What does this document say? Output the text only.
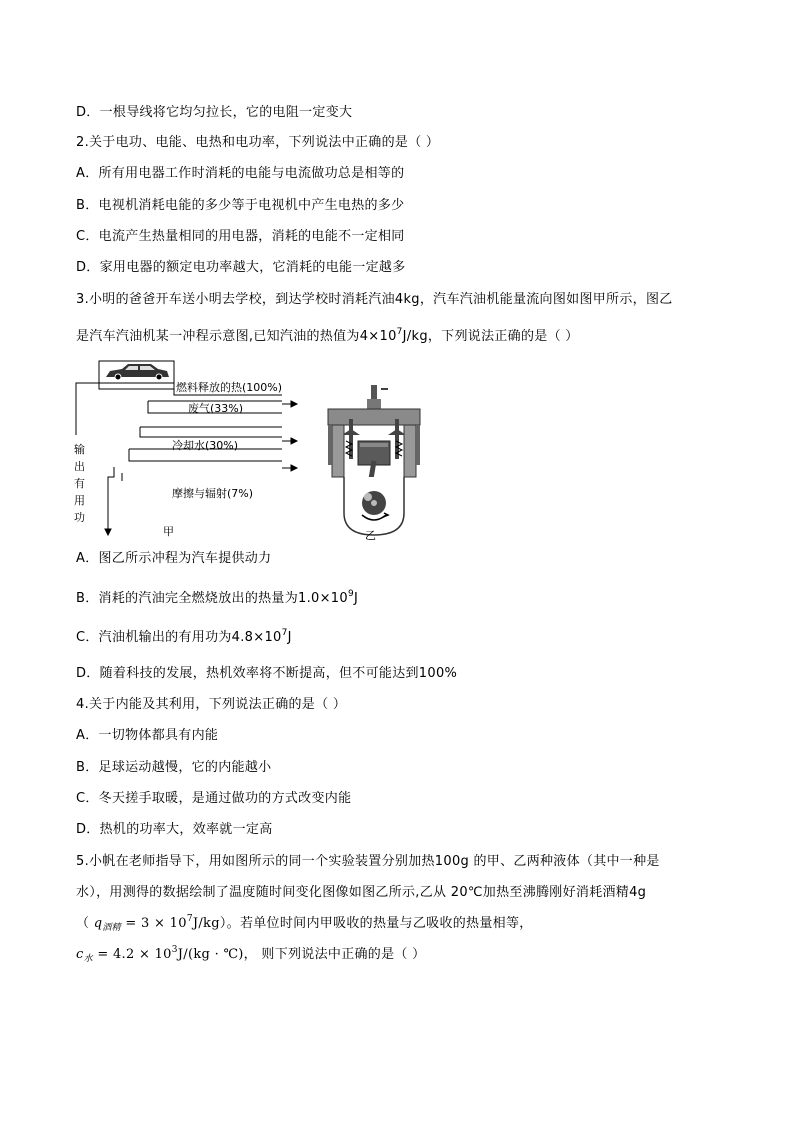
D．一根导线将它均匀拉长，它的电阻一定变大
2.关于电功、电能、电热和电功率，下列说法中正确的是（ ）
A．所有用电器工作时消耗的电能与电流做功总是相等的
B．电视机消耗电能的多少等于电视机中产生电热的多少
C．电流产生热量相同的用电器，消耗的电能不一定相同
D．家用电器的额定电功率越大，它消耗的电能一定越多
3.小明的爸爸开车送小明去学校，到达学校时消耗汽油4kg，汽车汽油机能量流向图如图甲所示，图乙
是汽车汽油机某一冲程示意图,已知汽油的热值为$4\times 10^7J/kg$，下列说法正确的是（ ）
燃料释放的热(100%)
废气(33%)
冷却水(30%)
摩擦与辐射(7%)
输
出
有
用
功
甲	乙
A．图乙所示冲程为汽车提供动力
B．消耗的汽油完全燃烧放出的热量为$1.0\times 10^9J$
C．汽油机输出的有用功为$4.8\times 10^7J$
D．随着科技的发展，热机效率将不断提高，但不可能达到100%
4.关于内能及其利用，下列说法正确的是（ ）
A．一切物体都具有内能
B．足球运动越慢，它的内能越小
C．冬天搓手取暖，是通过做功的方式改变内能
D．热机的功率大，效率就一定高
5.小帆在老师指导下，用如图所示的同一个实验装置分别加热100g 的甲、乙两种液体（其中一种是
水），用测得的数据绘制了温度随时间变化图像如图乙所示,乙从 20℃加热至沸腾刚好消耗酒精4g
（ $q_{酒精} = 3 \times 10^7J/kg$）。若单位时间内甲吸收的热量与乙吸收的热量相等，
$c_水 = 4.2 \times 10^3J/(kg$ · ℃)， 则下列说法中正确的是（ ）
